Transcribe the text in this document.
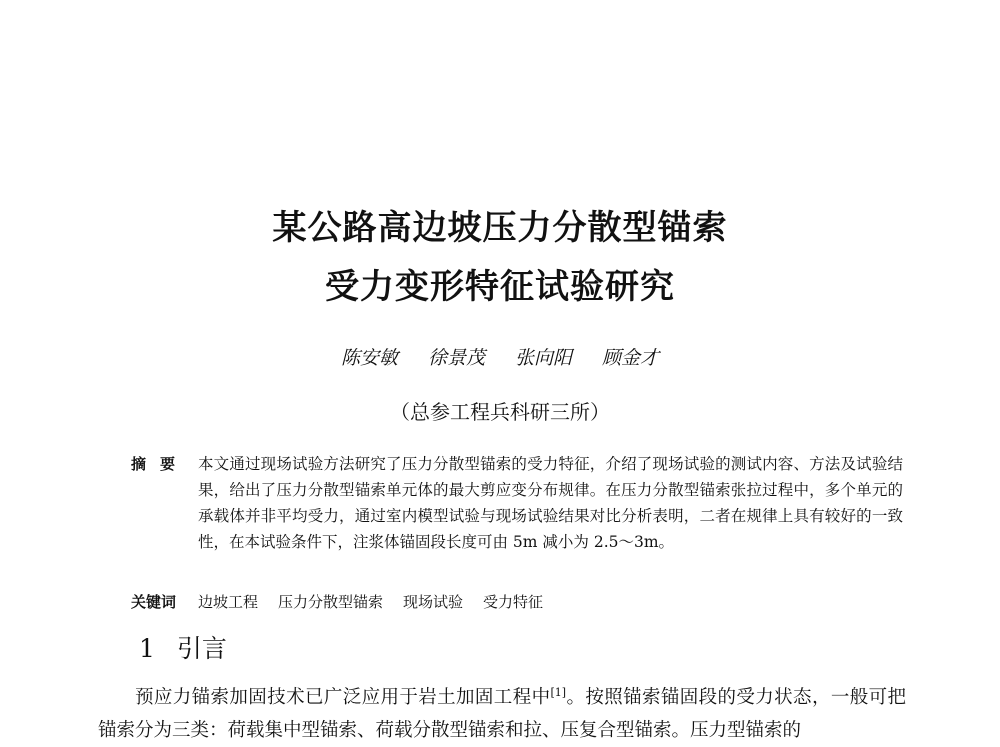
某公路高边坡压力分散型锚索
受力变形特征试验研究
陈安敏 徐景茂 张向阳 顾金才
（总参工程兵科研三所）
摘要 本文通过现场试验方法研究了压力分散型锚索的受力特征，介绍了现场试验的测试内容、方法及试验结果，给出了压力分散型锚索单元体的最大剪应变分布规律。在压力分散型锚索张拉过程中，多个单元的承载体并非平均受力，通过室内模型试验与现场试验结果对比分析表明，二者在规律上具有较好的一致性，在本试验条件下，注浆体锚固段长度可由 5m 减小为 2.5～3m。
关键词 边坡工程 压力分散型锚索 现场试验 受力特征
1 引言
预应力锚索加固技术已广泛应用于岩土加固工程中[1]。按照锚索锚固段的受力状态，一般可把锚索分为三类：荷载集中型锚索、荷载分散型锚索和拉、压复合型锚索。压力型锚索的
